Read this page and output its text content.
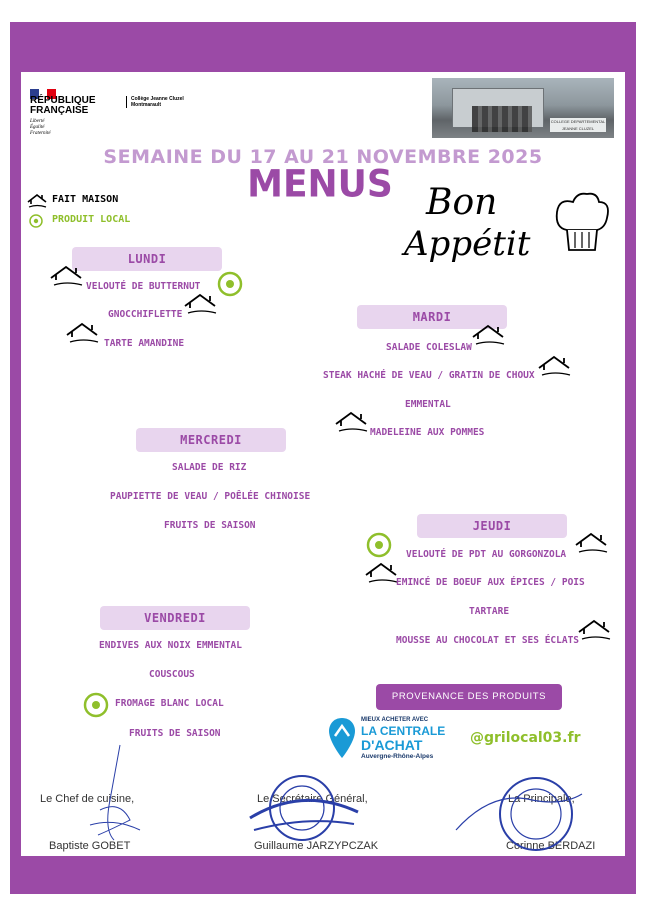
RÉPUBLIQUE
FRANÇAISE
Liberté
Égalité
Fraternité
Collège Jeanne Cluzel
Montmarault
COLLEGE DEPARTEMENTAL
JEANNE CLUZEL
SEMAINE DU 17 AU 21 NOVEMBRE 2025
MENUS
FAIT MAISON
PRODUIT LOCAL	Bon
Appétit
LUNDI
VELOUTÉ DE BUTTERNUT
GNOCCHIFLETTE
TARTE AMANDINE
MARDI
SALADE COLESLAW
STEAK HACHÉ DE VEAU / GRATIN DE CHOUX
EMMENTAL
MADELEINE AUX POMMES
MERCREDI
SALADE DE RIZ
PAUPIETTE DE VEAU / POÊLÉE CHINOISE
FRUITS DE SAISON	JEUDI
VELOUTÉ DE PDT AU GORGONZOLA
EMINCÉ DE BOEUF AUX ÉPICES / POIS
TARTARE
MOUSSE AU CHOCOLAT ET SES ÉCLATS
VENDREDI
ENDIVES AUX NOIX EMMENTAL
COUSCOUS
FROMAGE BLANC LOCAL
FRUITS DE SAISON
PROVENANCE DES PRODUITS
MIEUX ACHETER AVEC
LA CENTRALE
D'ACHAT
Auvergne-Rhône-Alpes
@grilocal03.fr
Le Chef de cuisine,
Baptiste GOBET
Le Secrétaire Général,
Guillaume JARZYPCZAK
La Principale,
Corinne BERDAZI
